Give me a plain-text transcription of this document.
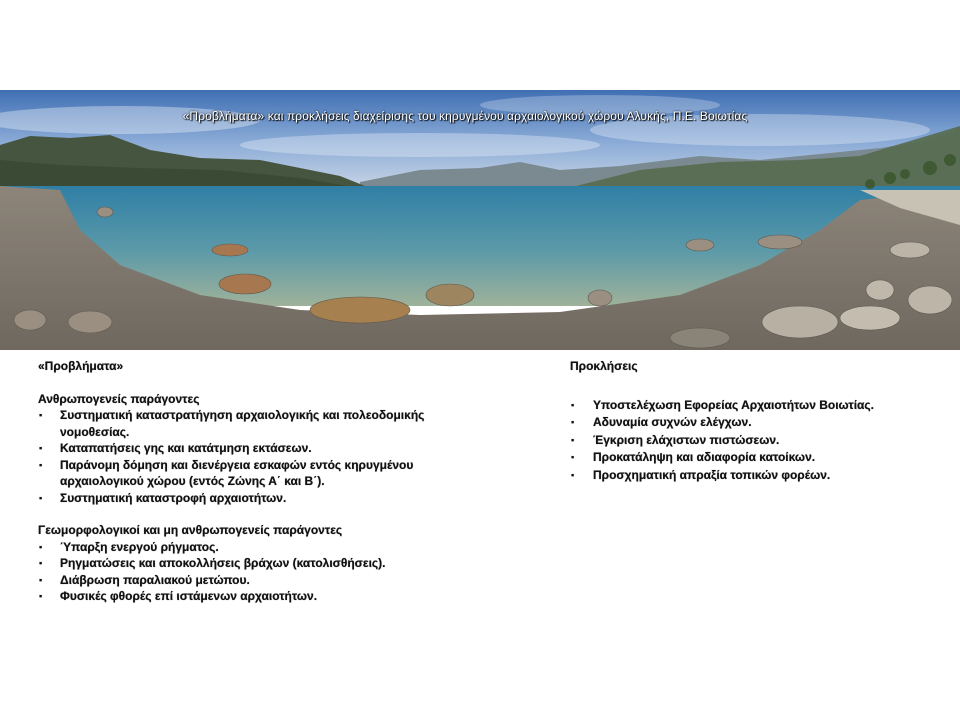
«Προβλήματα» και προκλήσεις διαχείρισης του κηρυγμένου αρχαιολογικού χώρου Αλυκής, Π.Ε. Βοιωτίας
«Προβλήματα»
Ανθρωπογενείς παράγοντες
▪ Συστηματική καταστρατήγηση αρχαιολογικής και πολεοδομικής νομοθεσίας.
▪ Καταπατήσεις γης και κατάτμηση εκτάσεων.
▪ Παράνομη δόμηση και διενέργεια εσκαφών εντός κηρυγμένου αρχαιολογικού χώρου (εντός Ζώνης Α΄ και Β΄).
▪ Συστηματική καταστροφή αρχαιοτήτων.
Γεωμορφολογικοί και μη ανθρωπογενείς παράγοντες
▪ Ύπαρξη ενεργού ρήγματος.
▪ Ρηγματώσεις και αποκολλήσεις βράχων (κατολισθήσεις).
▪ Διάβρωση παραλιακού μετώπου.
▪ Φυσικές φθορές επί ιστάμενων αρχαιοτήτων.
Προκλήσεις
▪ Υποστελέχωση Εφορείας Αρχαιοτήτων Βοιωτίας.
▪ Αδυναμία συχνών ελέγχων.
▪ Έγκριση ελάχιστων πιστώσεων.
▪ Προκατάληψη και αδιαφορία κατοίκων.
▪ Προσχηματική απραξία τοπικών φορέων.
